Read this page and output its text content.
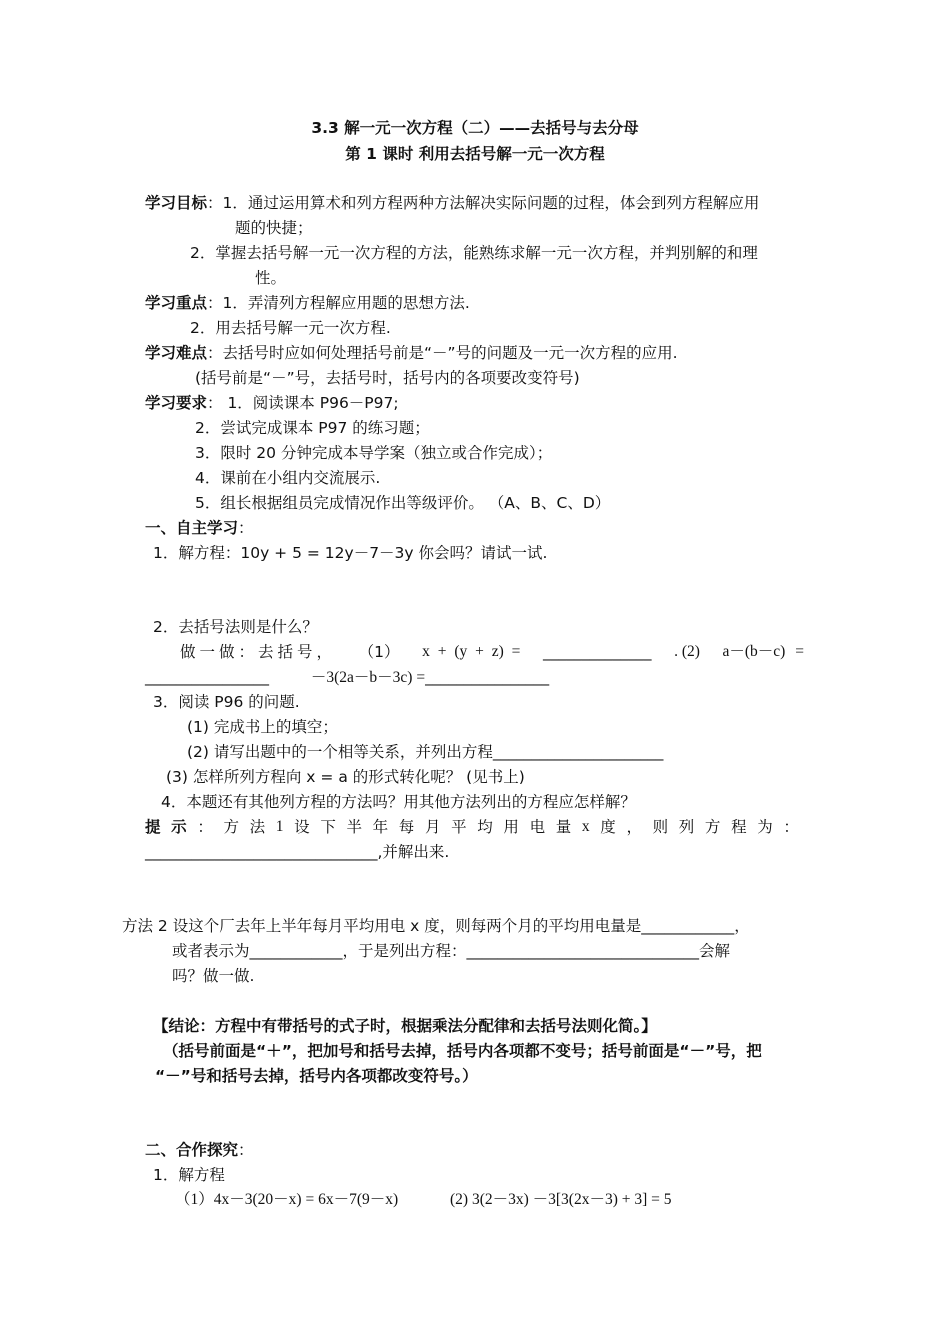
3.3 解一元一次方程（二）——去括号与去分母
第 1 课时 利用去括号解一元一次方程
学习目标：1．通过运用算术和列方程两种方法解决实际问题的过程，体会到列方程解应用
题的快捷；
2．掌握去括号解一元一次方程的方法，能熟练求解一元一次方程，并判别解的和理
性。
学习重点：1．弄清列方程解应用题的思想方法.
2．用去括号解一元一次方程.
学习难点：去括号时应如何处理括号前是“－”号的问题及一元一次方程的应用.
(括号前是“－”号，去括号时，括号内的各项要改变符号)
学习要求： 1．阅读课本 P96－P97;
2．尝试完成课本 P97 的练习题；
3．限时 20 分钟完成本导学案（独立或合作完成）；
4．课前在小组内交流展示.
5．组长根据组员完成情况作出等级评价。 （A、B、C、D）
一、自主学习：
1．解方程：10y + 5 = 12y－7－3y 你会吗？请试一试.
2．去括号法则是什么？
做一做：去括号， （1） x + (y + z) = ______________ . (2) a－(b－c) =
________________	－3(2a－b－3c) =________________
3．阅读 P96 的问题.
(1) 完成书上的填空；
(2) 请写出题中的一个相等关系，并列出方程______________________
(3) 怎样所列方程向 x = a 的形式转化呢？ (见书上)
4．本题还有其他列方程的方法吗？用其他方法列出的方程应怎样解？
提 示 ： 方 法 1 设 下 半 年 每 月 平 均 用 电 量 x 度 ， 则 列 方 程 为 ：
______________________________,并解出来.
方法 2 设这个厂去年上半年每月平均用电 x 度，则每两个月的平均用电量是____________，
或者表示为____________，于是列出方程：______________________________会解
吗？做一做.
【结论：方程中有带括号的式子时，根据乘法分配律和去括号法则化简。】
（括号前面是“＋”，把加号和括号去掉，括号内各项都不变号；括号前面是“－”号，把
“－”号和括号去掉，括号内各项都改变符号。）
二、合作探究：
1．解方程
（1）4x－3(20－x) = 6x－7(9－x)	(2) 3(2－3x) －3[3(2x－3) + 3] = 5
